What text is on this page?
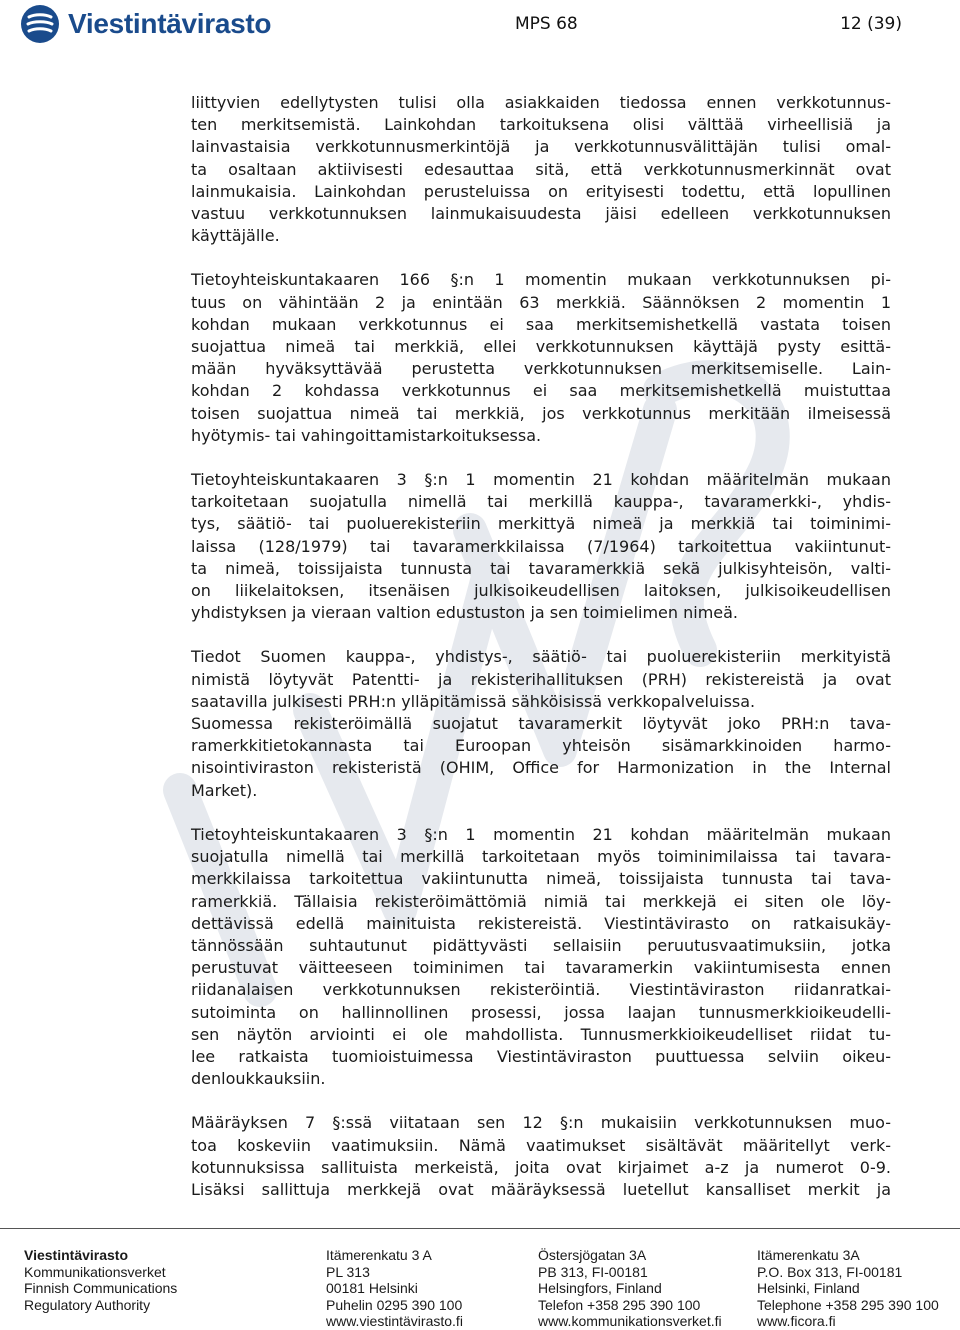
Viestintävirasto	MPS 68	12 (39)
liittyvien edellytysten tulisi olla asiakkaiden tiedossa ennen verkkotunnus-
ten merkitsemistä. Lainkohdan tarkoituksena olisi välttää virheellisiä ja
lainvastaisia verkkotunnusmerkintöjä ja verkkotunnusvälittäjän tulisi omal-
ta osaltaan aktiivisesti edesauttaa sitä, että verkkotunnusmerkinnät ovat
lainmukaisia. Lainkohdan perusteluissa on erityisesti todettu, että lopullinen
vastuu verkkotunnuksen lainmukaisuudesta jäisi edelleen verkkotunnuksen
käyttäjälle.
Tietoyhteiskuntakaaren 166 §:n 1 momentin mukaan verkkotunnuksen pi-
tuus on vähintään 2 ja enintään 63 merkkiä. Säännöksen 2 momentin 1
kohdan mukaan verkkotunnus ei saa merkitsemishetkellä vastata toisen
suojattua nimeä tai merkkiä, ellei verkkotunnuksen käyttäjä pysty esittä-
mään hyväksyttävää perustetta verkkotunnuksen merkitsemiselle. Lain-
kohdan 2 kohdassa verkkotunnus ei saa merkitsemishetkellä muistuttaa
toisen suojattua nimeä tai merkkiä, jos verkkotunnus merkitään ilmeisessä
hyötymis- tai vahingoittamistarkoituksessa.
Tietoyhteiskuntakaaren 3 §:n 1 momentin 21 kohdan määritelmän mukaan
tarkoitetaan suojatulla nimellä tai merkillä kauppa-, tavaramerkki-, yhdis-
tys, säätiö- tai puoluerekisteriin merkittyä nimeä ja merkkiä tai toiminimi-
laissa (128/1979) tai tavaramerkkilaissa (7/1964) tarkoitettua vakiintunut-
ta nimeä, toissijaista tunnusta tai tavaramerkkiä sekä julkisyhteisön, valti-
on liikelaitoksen, itsenäisen julkisoikeudellisen laitoksen, julkisoikeudellisen
yhdistyksen ja vieraan valtion edustuston ja sen toimielimen nimeä.
Tiedot Suomen kauppa-, yhdistys-, säätiö- tai puoluerekisteriin merkityistä
nimistä löytyvät Patentti- ja rekisterihallituksen (PRH) rekistereistä ja ovat
saatavilla julkisesti PRH:n ylläpitämissä sähköisissä verkkopalveluissa.
Suomessa rekisteröimällä suojatut tavaramerkit löytyvät joko PRH:n tava-
ramerkkitietokannasta tai Euroopan yhteisön sisämarkkinoiden harmo-
nisointiviraston rekisteristä (OHIM, Office for Harmonization in the Internal
Market).
Tietoyhteiskuntakaaren 3 §:n 1 momentin 21 kohdan määritelmän mukaan
suojatulla nimellä tai merkillä tarkoitetaan myös toiminimilaissa tai tavara-
merkkilaissa tarkoitettua vakiintunutta nimeä, toissijaista tunnusta tai tava-
ramerkkiä. Tällaisia rekisteröimättömiä nimiä tai merkkejä ei siten ole löy-
dettävissä edellä mainituista rekistereistä. Viestintävirasto on ratkaisukäy-
tännössään suhtautunut pidättyvästi sellaisiin peruutusvaatimuksiin, jotka
perustuvat väitteeseen toiminimen tai tavaramerkin vakiintumisesta ennen
riidanalaisen verkkotunnuksen rekisteröintiä. Viestintäviraston riidanratkai-
sutoiminta on hallinnollinen prosessi, jossa laajan tunnusmerkkioikeudelli-
sen näytön arviointi ei ole mahdollista. Tunnusmerkkioikeudelliset riidat tu-
lee ratkaista tuomioistuimessa Viestintäviraston puuttuessa selviin oikeu-
denloukkauksiin.
Määräyksen 7 §:ssä viitataan sen 12 §:n mukaisiin verkkotunnuksen muo-
toa koskeviin vaatimuksiin. Nämä vaatimukset sisältävät määritellyt verk-
kotunnuksissa sallituista merkeistä, joita ovat kirjaimet a-z ja numerot 0-9.
Lisäksi sallittuja merkkejä ovat määräyksessä luetellut kansalliset merkit ja
Viestintävirasto
Kommunikationsverket
Finnish Communications
Regulatory Authority
Itämerenkatu 3 A
PL 313
00181 Helsinki
Puhelin 0295 390 100
www.viestintävirasto.fi
Östersjögatan 3A
PB 313, FI-00181
Helsingfors, Finland
Telefon +358 295 390 100
www.kommunikationsverket.fi
Itämerenkatu 3A
P.O. Box 313, FI-00181
Helsinki, Finland
Telephone +358 295 390 100
www.ficora.fi
